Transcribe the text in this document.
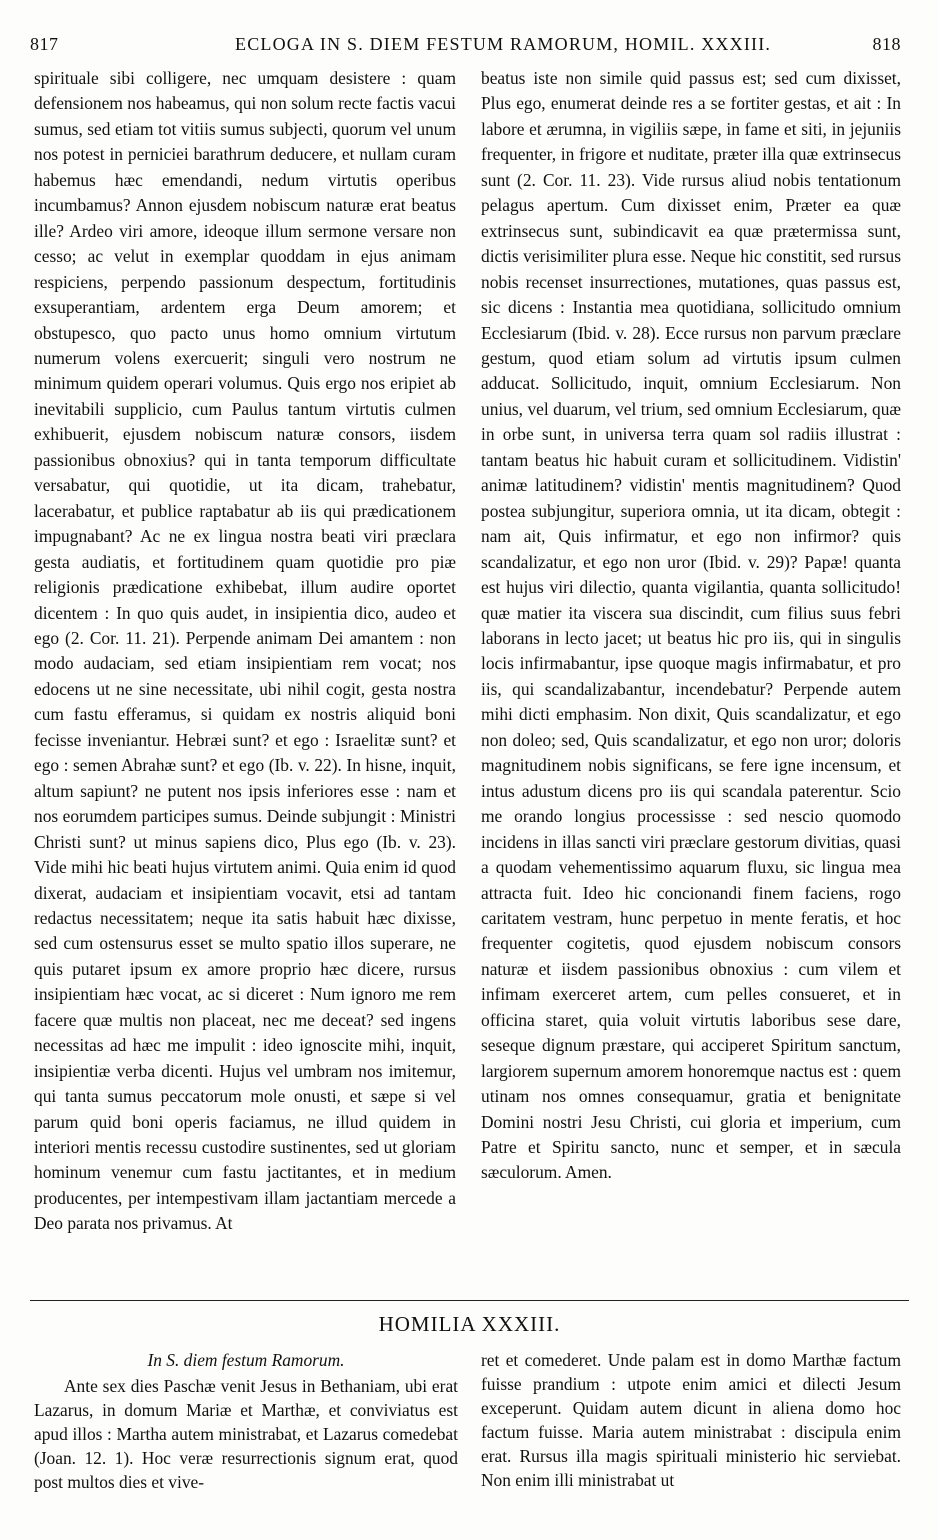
817	ECLOGA IN S. DIEM FESTUM RAMORUM, HOMIL. XXXIII.	818

spirituale sibi colligere, nec umquam desistere : quam defensionem nos habeamus, qui non solum recte factis vacui sumus, sed etiam tot vitiis sumus subjecti, quorum vel unum nos potest in perniciei barathrum deducere, et nullam curam habemus hæc emendandi, nedum virtutis operibus incumbamus? Annon ejusdem nobiscum naturæ erat beatus ille? Ardeo viri amore, ideoque illum sermone versare non cesso; ac velut in exemplar quoddam in ejus animam respiciens, perpendo passionum despectum, fortitudinis exsuperantiam, ardentem erga Deum amorem; et obstupesco, quo pacto unus homo omnium virtutum numerum volens exercuerit; singuli vero nostrum ne minimum quidem operari volumus. Quis ergo nos eripiet ab inevitabili supplicio, cum Paulus tantum virtutis culmen exhibuerit, ejusdem nobiscum naturæ consors, iisdem passionibus obnoxius? qui in tanta temporum difficultate versabatur, qui quotidie, ut ita dicam, trahebatur, lacerabatur, et publice raptabatur ab iis qui prædicationem impugnabant? Ac ne ex lingua nostra beati viri præclara gesta audiatis, et fortitudinem quam quotidie pro piæ religionis prædicatione exhibebat, illum audire oportet dicentem : In quo quis audet, in insipientia dico, audeo et ego (2. Cor. 11. 21). Perpende animam Dei amantem : non modo audaciam, sed etiam insipientiam rem vocat; nos edocens ut ne sine necessitate, ubi nihil cogit, gesta nostra cum fastu efferamus, si quidam ex nostris aliquid boni fecisse inveniantur. Hebræi sunt? et ego : Israelitæ sunt? et ego : semen Abrahæ sunt? et ego (Ib. v. 22). In hisne, inquit, altum sapiunt? ne putent nos ipsis inferiores esse : nam et nos eorumdem participes sumus. Deinde subjungit : Ministri Christi sunt? ut minus sapiens dico, Plus ego (Ib. v. 23). Vide mihi hic beati hujus virtutem animi. Quia enim id quod dixerat, audaciam et insipientiam vocavit, etsi ad tantam redactus necessitatem; neque ita satis habuit hæc dixisse, sed cum ostensurus esset se multo spatio illos superare, ne quis putaret ipsum ex amore proprio hæc dicere, rursus insipientiam hæc vocat, ac si diceret : Num ignoro me rem facere quæ multis non placeat, nec me deceat? sed ingens necessitas ad hæc me impulit : ideo ignoscite mihi, inquit, insipientiæ verba dicenti. Hujus vel umbram nos imitemur, qui tanta sumus peccatorum mole onusti, et sæpe si vel parum quid boni operis faciamus, ne illud quidem in interiori mentis recessu custodire sustinentes, sed ut gloriam hominum venemur cum fastu jactitantes, et in medium producentes, per intempestivam illam jactantiam mercede a Deo parata nos privamus. At

beatus iste non simile quid passus est; sed cum dixisset, Plus ego, enumerat deinde res a se fortiter gestas, et ait : In labore et ærumna, in vigiliis sæpe, in fame et siti, in jejuniis frequenter, in frigore et nuditate, præter illa quæ extrinsecus sunt (2. Cor. 11. 23). Vide rursus aliud nobis tentationum pelagus apertum. Cum dixisset enim, Præter ea quæ extrinsecus sunt, subindicavit ea quæ prætermissa sunt, dictis verisimiliter plura esse. Neque hic constitit, sed rursus nobis recenset insurrectiones, mutationes, quas passus est, sic dicens : Instantia mea quotidiana, sollicitudo omnium Ecclesiarum (Ibid. v. 28). Ecce rursus non parvum præclare gestum, quod etiam solum ad virtutis ipsum culmen adducat. Sollicitudo, inquit, omnium Ecclesiarum. Non unius, vel duarum, vel trium, sed omnium Ecclesiarum, quæ in orbe sunt, in universa terra quam sol radiis illustrat : tantam beatus hic habuit curam et sollicitudinem. Vidistin' animæ latitudinem? vidistin' mentis magnitudinem? Quod postea subjungitur, superiora omnia, ut ita dicam, obtegit : nam ait, Quis infirmatur, et ego non infirmor? quis scandalizatur, et ego non uror (Ibid. v. 29)? Papæ! quanta est hujus viri dilectio, quanta vigilantia, quanta sollicitudo! quæ matier ita viscera sua discindit, cum filius suus febri laborans in lecto jacet; ut beatus hic pro iis, qui in singulis locis infirmabantur, ipse quoque magis infirmabatur, et pro iis, qui scandalizabantur, incendebatur? Perpende autem mihi dicti emphasim. Non dixit, Quis scandalizatur, et ego non doleo; sed, Quis scandalizatur, et ego non uror; doloris magnitudinem nobis significans, se fere igne incensum, et intus adustum dicens pro iis qui scandala paterentur. Scio me orando longius processisse : sed nescio quomodo incidens in illas sancti viri præclare gestorum divitias, quasi a quodam vehementissimo aquarum fluxu, sic lingua mea attracta fuit. Ideo hic concionandi finem faciens, rogo caritatem vestram, hunc perpetuo in mente feratis, et hoc frequenter cogitetis, quod ejusdem nobiscum consors naturæ et iisdem passionibus obnoxius : cum vilem et infimam exerceret artem, cum pelles consueret, et in officina staret, quia voluit virtutis laboribus sese dare, seseque dignum præstare, qui acciperet Spiritum sanctum, largiorem supernum amorem honoremque nactus est : quem utinam nos omnes consequamur, gratia et benignitate Domini nostri Jesu Christi, cui gloria et imperium, cum Patre et Spiritu sancto, nunc et semper, et in sæcula sæculorum. Amen.

HOMILIA XXXIII.

In S. diem festum Ramorum.

Ante sex dies Paschæ venit Jesus in Bethaniam, ubi erat Lazarus, in domum Mariæ et Marthæ, et conviviatus est apud illos : Martha autem ministrabat, et Lazarus comedebat (Joan. 12. 1). Hoc veræ resurrectionis signum erat, quod post multos dies et vive-

ret et comederet. Unde palam est in domo Marthæ factum fuisse prandium : utpote enim amici et dilecti Jesum exceperunt. Quidam autem dicunt in aliena domo hoc factum fuisse. Maria autem ministrabat : discipula enim erat. Rursus illa magis spirituali ministerio hic serviebat. Non enim illi ministrabat ut
